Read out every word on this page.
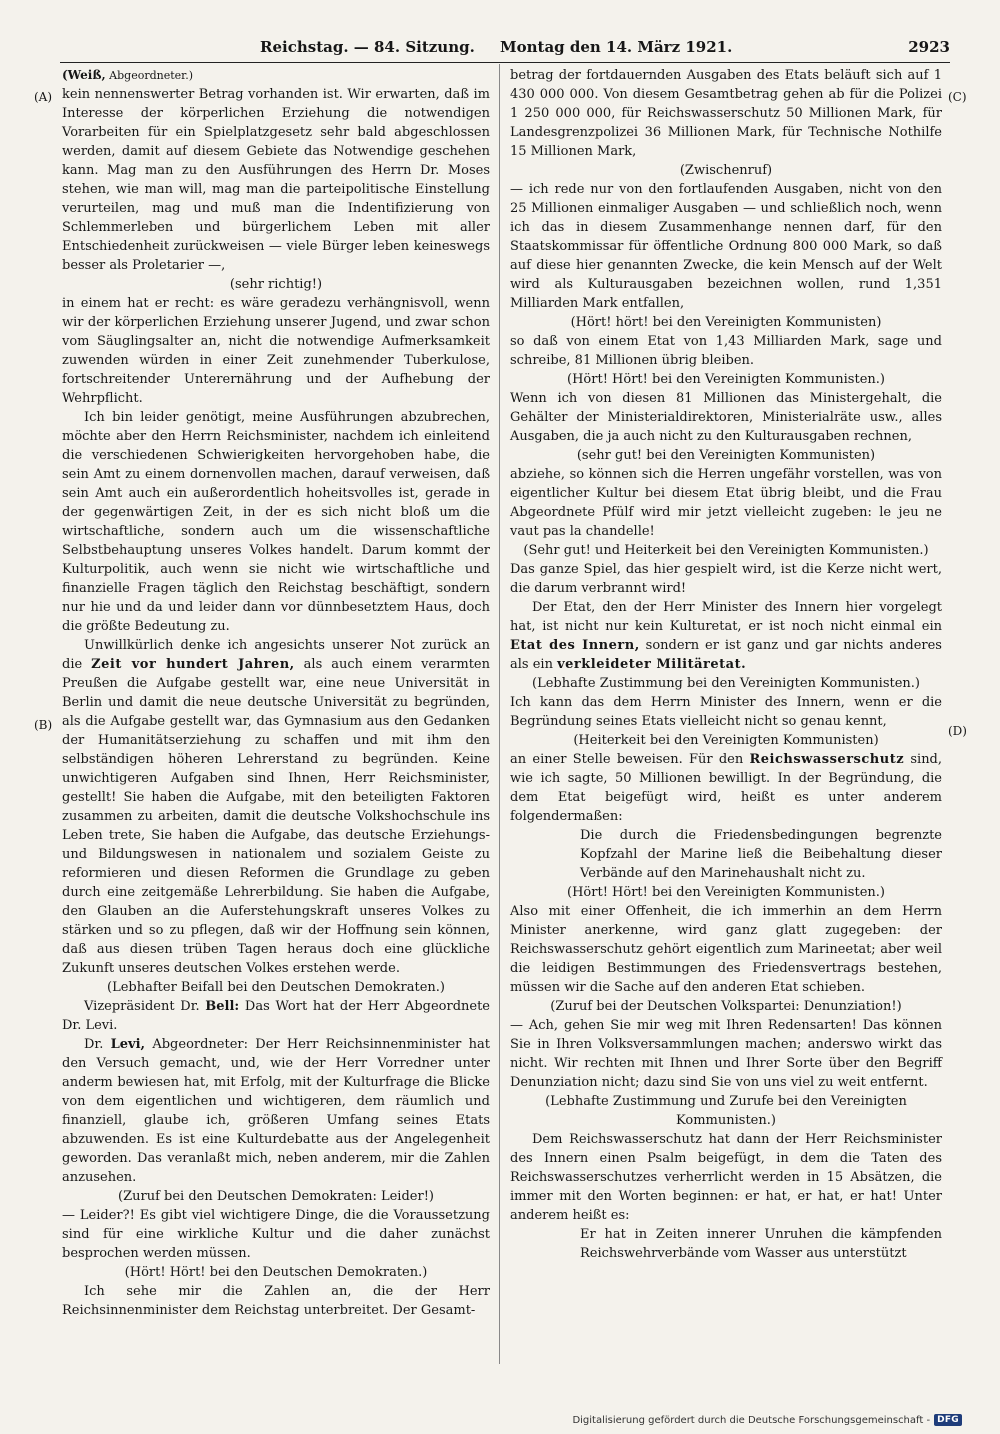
Reichstag. — 84. Sitzung. Montag den 14. März 1921.	2923
(A)
(B)
(C)
(D)

(Weiß, Abgeordneter.)

kein nennenswerter Betrag vorhanden ist. Wir erwarten, daß im Interesse der körperlichen Erziehung die notwendigen Vorarbeiten für ein Spielplatzgesetz sehr bald abgeschlossen werden, damit auf diesem Gebiete das Notwendige geschehen kann. Mag man zu den Ausführungen des Herrn Dr. Moses stehen, wie man will, mag man die parteipolitische Einstellung verurteilen, mag und muß man die Indentifizierung von Schlemmerleben und bürgerlichem Leben mit aller Entschiedenheit zurückweisen — viele Bürger leben keineswegs besser als Proletarier —,

(sehr richtig!)

in einem hat er recht: es wäre geradezu verhängnisvoll, wenn wir der körperlichen Erziehung unserer Jugend, und zwar schon vom Säuglingsalter an, nicht die notwendige Aufmerksamkeit zuwenden würden in einer Zeit zunehmender Tuberkulose, fortschreitender Unterernährung und der Aufhebung der Wehrpflicht.

Ich bin leider genötigt, meine Ausführungen abzubrechen, möchte aber den Herrn Reichsminister, nachdem ich einleitend die verschiedenen Schwierigkeiten hervorgehoben habe, die sein Amt zu einem dornenvollen machen, darauf verweisen, daß sein Amt auch ein außerordentlich hoheitsvolles ist, gerade in der gegenwärtigen Zeit, in der es sich nicht bloß um die wirtschaftliche, sondern auch um die wissenschaftliche Selbstbehauptung unseres Volkes handelt. Darum kommt der Kulturpolitik, auch wenn sie nicht wie wirtschaftliche und finanzielle Fragen täglich den Reichstag beschäftigt, sondern nur hie und da und leider dann vor dünnbesetztem Haus, doch die größte Bedeutung zu.

Unwillkürlich denke ich angesichts unserer Not zurück an die Zeit vor hundert Jahren, als auch einem verarmten Preußen die Aufgabe gestellt war, eine neue Universität in Berlin und damit die neue deutsche Universität zu begründen, als die Aufgabe gestellt war, das Gymnasium aus den Gedanken der Humanitätserziehung zu schaffen und mit ihm den selbständigen höheren Lehrerstand zu begründen. Keine unwichtigeren Aufgaben sind Ihnen, Herr Reichsminister, gestellt! Sie haben die Aufgabe, mit den beteiligten Faktoren zusammen zu arbeiten, damit die deutsche Volkshochschule ins Leben trete, Sie haben die Aufgabe, das deutsche Erziehungs- und Bildungswesen in nationalem und sozialem Geiste zu reformieren und diesen Reformen die Grundlage zu geben durch eine zeitgemäße Lehrerbildung. Sie haben die Aufgabe, den Glauben an die Auferstehungskraft unseres Volkes zu stärken und so zu pflegen, daß wir der Hoffnung sein können, daß aus diesen trüben Tagen heraus doch eine glückliche Zukunft unseres deutschen Volkes erstehen werde.

(Lebhafter Beifall bei den Deutschen Demokraten.)

Vizepräsident Dr. Bell: Das Wort hat der Herr Abgeordnete Dr. Levi.

Dr. Levi, Abgeordneter: Der Herr Reichsinnenminister hat den Versuch gemacht, und, wie der Herr Vorredner unter anderm bewiesen hat, mit Erfolg, mit der Kulturfrage die Blicke von dem eigentlichen und wichtigeren, dem räumlich und finanziell, glaube ich, größeren Umfang seines Etats abzuwenden. Es ist eine Kulturdebatte aus der Angelegenheit geworden. Das veranlaßt mich, neben anderem, mir die Zahlen anzusehen.

(Zuruf bei den Deutschen Demokraten: Leider!)

— Leider?! Es gibt viel wichtigere Dinge, die die Voraussetzung sind für eine wirkliche Kultur und die daher zunächst besprochen werden müssen.

(Hört! Hört! bei den Deutschen Demokraten.)

Ich sehe mir die Zahlen an, die der Herr Reichsinnenminister dem Reichstag unterbreitet. Der Gesamt-

betrag der fortdauernden Ausgaben des Etats beläuft sich auf 1 430 000 000. Von diesem Gesamtbetrag gehen ab für die Polizei 1 250 000 000, für Reichswasserschutz 50 Millionen Mark, für Landesgrenzpolizei 36 Millionen Mark, für Technische Nothilfe 15 Millionen Mark,

(Zwischenruf)

— ich rede nur von den fortlaufenden Ausgaben, nicht von den 25 Millionen einmaliger Ausgaben — und schließlich noch, wenn ich das in diesem Zusammenhange nennen darf, für den Staatskommissar für öffentliche Ordnung 800 000 Mark, so daß auf diese hier genannten Zwecke, die kein Mensch auf der Welt wird als Kulturausgaben bezeichnen wollen, rund 1,351 Milliarden Mark entfallen,

(Hört! hört! bei den Vereinigten Kommunisten)

so daß von einem Etat von 1,43 Milliarden Mark, sage und schreibe, 81 Millionen übrig bleiben.

(Hört! Hört! bei den Vereinigten Kommunisten.)

Wenn ich von diesen 81 Millionen das Ministergehalt, die Gehälter der Ministerialdirektoren, Ministerialräte usw., alles Ausgaben, die ja auch nicht zu den Kulturausgaben rechnen,

(sehr gut! bei den Vereinigten Kommunisten)

abziehe, so können sich die Herren ungefähr vorstellen, was von eigentlicher Kultur bei diesem Etat übrig bleibt, und die Frau Abgeordnete Pfülf wird mir jetzt vielleicht zugeben: le jeu ne vaut pas la chandelle!

(Sehr gut! und Heiterkeit bei den Vereinigten Kommunisten.)

Das ganze Spiel, das hier gespielt wird, ist die Kerze nicht wert, die darum verbrannt wird!

Der Etat, den der Herr Minister des Innern hier vorgelegt hat, ist nicht nur kein Kulturetat, er ist noch nicht einmal ein Etat des Innern, sondern er ist ganz und gar nichts anderes als ein verkleideter Militäretat.

(Lebhafte Zustimmung bei den Vereinigten Kommunisten.)

Ich kann das dem Herrn Minister des Innern, wenn er die Begründung seines Etats vielleicht nicht so genau kennt,

(Heiterkeit bei den Vereinigten Kommunisten)

an einer Stelle beweisen. Für den Reichswasserschutz sind, wie ich sagte, 50 Millionen bewilligt. In der Begründung, die dem Etat beigefügt wird, heißt es unter anderem folgendermaßen:

Die durch die Friedensbedingungen begrenzte Kopfzahl der Marine ließ die Beibehaltung dieser Verbände auf den Marinehaushalt nicht zu.

(Hört! Hört! bei den Vereinigten Kommunisten.)

Also mit einer Offenheit, die ich immerhin an dem Herrn Minister anerkenne, wird ganz glatt zugegeben: der Reichswasserschutz gehört eigentlich zum Marineetat; aber weil die leidigen Bestimmungen des Friedensvertrags bestehen, müssen wir die Sache auf den anderen Etat schieben.

(Zuruf bei der Deutschen Volkspartei: Denunziation!)

— Ach, gehen Sie mir weg mit Ihren Redensarten! Das können Sie in Ihren Volksversammlungen machen; anderswo wirkt das nicht. Wir rechten mit Ihnen und Ihrer Sorte über den Begriff Denunziation nicht; dazu sind Sie von uns viel zu weit entfernt.

(Lebhafte Zustimmung und Zurufe bei den Vereinigten Kommunisten.)

Dem Reichswasserschutz hat dann der Herr Reichsminister des Innern einen Psalm beigefügt, in dem die Taten des Reichswasserschutzes verherrlicht werden in 15 Absätzen, die immer mit den Worten beginnen: er hat, er hat, er hat! Unter anderem heißt es:

Er hat in Zeiten innerer Unruhen die kämpfenden Reichswehrverbände vom Wasser aus unterstützt

Digitalisierung gefördert durch die Deutsche Forschungsgemeinschaft - DFG
